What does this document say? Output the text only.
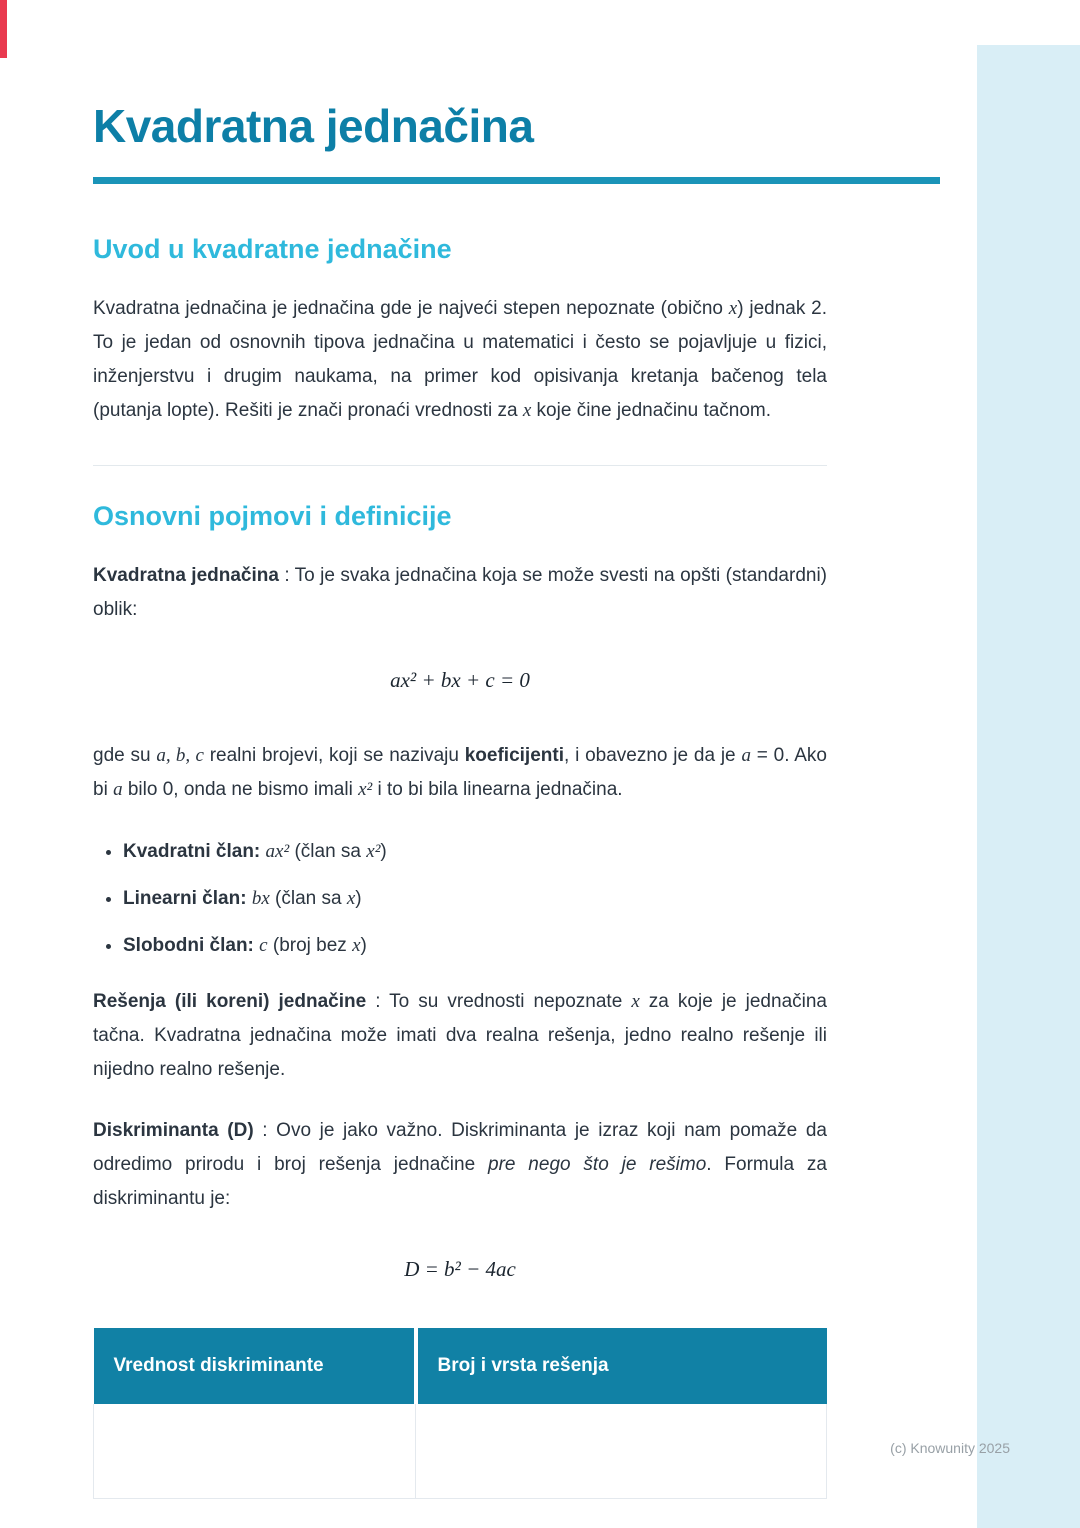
Kvadratna jednačina
Uvod u kvadratne jednačine

Kvadratna jednačina je jednačina gde je najveći stepen nepoznate (obično x) jednak 2. To je jedan od osnovnih tipova jednačina u matematici i često se pojavljuje u fizici, inženjerstvu i drugim naukama, na primer kod opisivanja kretanja bačenog tela (putanja lopte). Rešiti je znači pronaći vrednosti za x koje čine jednačinu tačnom.

Osnovni pojmovi i definicije

Kvadratna jednačina : To je svaka jednačina koja se može svesti na opšti (standardni) oblik:

ax² + bx + c = 0

gde su a, b, c realni brojevi, koji se nazivaju koeficijenti, i obavezno je da je a = 0. Ako bi a bilo 0, onda ne bismo imali x² i to bi bila linearna jednačina.

• Kvadratni član: ax² (član sa x²)
• Linearni član: bx (član sa x)
• Slobodni član: c (broj bez x)

Rešenja (ili koreni) jednačine : To su vrednosti nepoznate x za koje je jednačina tačna. Kvadratna jednačina može imati dva realna rešenja, jedno realno rešenje ili nijedno realno rešenje.

Diskriminanta (D) : Ovo je jako važno. Diskriminanta je izraz koji nam pomaže da odredimo prirodu i broj rešenja jednačine pre nego što je rešimo. Formula za diskriminantu je:

D = b² − 4ac
Vrednost diskriminante	Broj i vrsta rešenja

(c) Knowunity 2025
